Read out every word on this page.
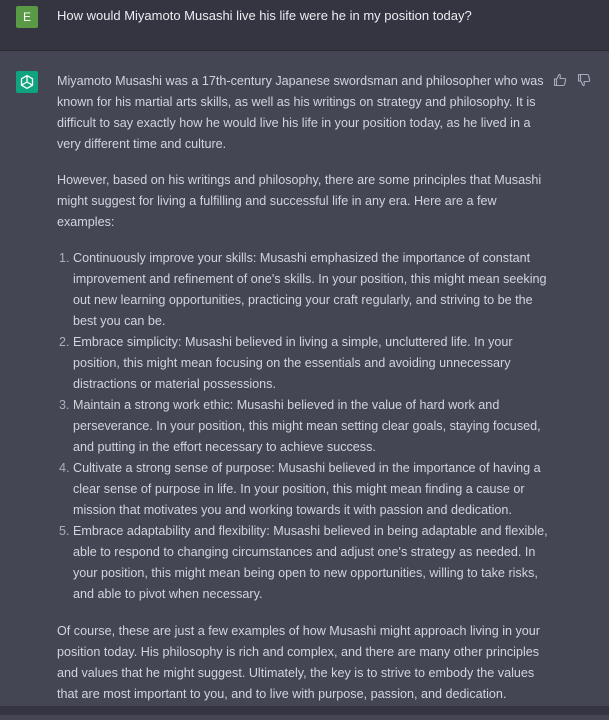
E	How would Miyamoto Musashi live his life were he in my position today?

Miyamoto Musashi was a 17th-century Japanese swordsman and philosopher who was known for his martial arts skills, as well as his writings on strategy and philosophy. It is difficult to say exactly how he would live his life in your position today, as he lived in a very different time and culture.

However, based on his writings and philosophy, there are some principles that Musashi might suggest for living a fulfilling and successful life in any era. Here are a few examples:

1. Continuously improve your skills: Musashi emphasized the importance of constant improvement and refinement of one's skills. In your position, this might mean seeking out new learning opportunities, practicing your craft regularly, and striving to be the best you can be.
2. Embrace simplicity: Musashi believed in living a simple, uncluttered life. In your position, this might mean focusing on the essentials and avoiding unnecessary distractions or material possessions.
3. Maintain a strong work ethic: Musashi believed in the value of hard work and perseverance. In your position, this might mean setting clear goals, staying focused, and putting in the effort necessary to achieve success.
4. Cultivate a strong sense of purpose: Musashi believed in the importance of having a clear sense of purpose in life. In your position, this might mean finding a cause or mission that motivates you and working towards it with passion and dedication.
5. Embrace adaptability and flexibility: Musashi believed in being adaptable and flexible, able to respond to changing circumstances and adjust one's strategy as needed. In your position, this might mean being open to new opportunities, willing to take risks, and able to pivot when necessary.

Of course, these are just a few examples of how Musashi might approach living in your position today. His philosophy is rich and complex, and there are many other principles and values that he might suggest. Ultimately, the key is to strive to embody the values that are most important to you, and to live with purpose, passion, and dedication.
